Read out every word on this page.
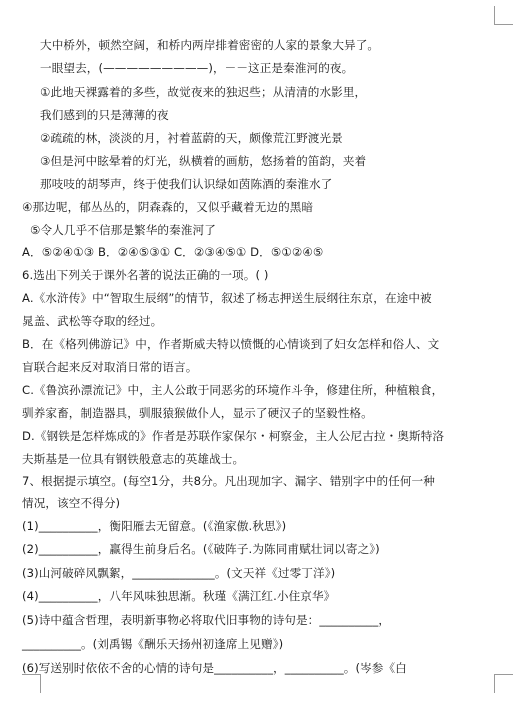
大中桥外，顿然空阔，和桥内两岸排着密密的人家的景象大异了。
一眼望去，(—————————)，－－这正是秦淮河的夜。
①此地天裸露着的多些，故觉夜来的独迟些；从清清的水影里，
我们感到的只是薄薄的夜
②疏疏的林，淡淡的月，衬着蓝蔚的天，颇像荒江野渡光景
③但是河中眩晕着的灯光，纵横着的画舫，悠扬着的笛韵，夹着
那吱吱的胡琴声，终于使我们认识绿如茵陈酒的秦淮水了
④那边呢，郁丛丛的，阴森森的，又似乎藏着无边的黑暗
⑤令人几乎不信那是繁华的秦淮河了
A．⑤②④①③ B．②④⑤③① C．②③④⑤① D．⑤①②④⑤
6.选出下列关于课外名著的说法正确的一项。( )
A.《水浒传》中“智取生辰纲”的情节，叙述了杨志押送生辰纲往东京，在途中被
晁盖、武松等夺取的经过。
B．在《格列佛游记》中，作者斯威夫特以愤慨的心情谈到了妇女怎样和俗人、文
盲联合起来反对取消日常的语言。
C.《鲁滨孙漂流记》中，主人公敢于同恶劣的环境作斗争，修建住所，种植粮食，
驯养家畜，制造器具，驯服猿猴做仆人，显示了硬汉子的坚毅性格。
D.《钢铁是怎样炼成的》作者是苏联作家保尔・柯察金，主人公尼古拉・奥斯特洛
夫斯基是一位具有钢铁般意志的英雄战士。
7、根据提示填空。(每空1分，共8分。凡出现加字、漏字、错别字中的任何一种
情况，该空不得分)
(1)__________，衡阳雁去无留意。(《渔家傲.秋思》)
(2)__________，赢得生前身后名。(《破阵子.为陈同甫赋壮词以寄之》)
(3)山河破碎风飘絮，______________。(文天祥《过零丁洋》)
(4)__________，八年风味独思渐。秋瑾《满江红.小住京华》
(5)诗中蕴含哲理，表明新事物必将取代旧事物的诗句是：__________，
__________。(刘禹锡《酬乐天扬州初逢席上见赠》)
(6)写送别时依依不舍的心情的诗句是__________，__________。(岑参《白
